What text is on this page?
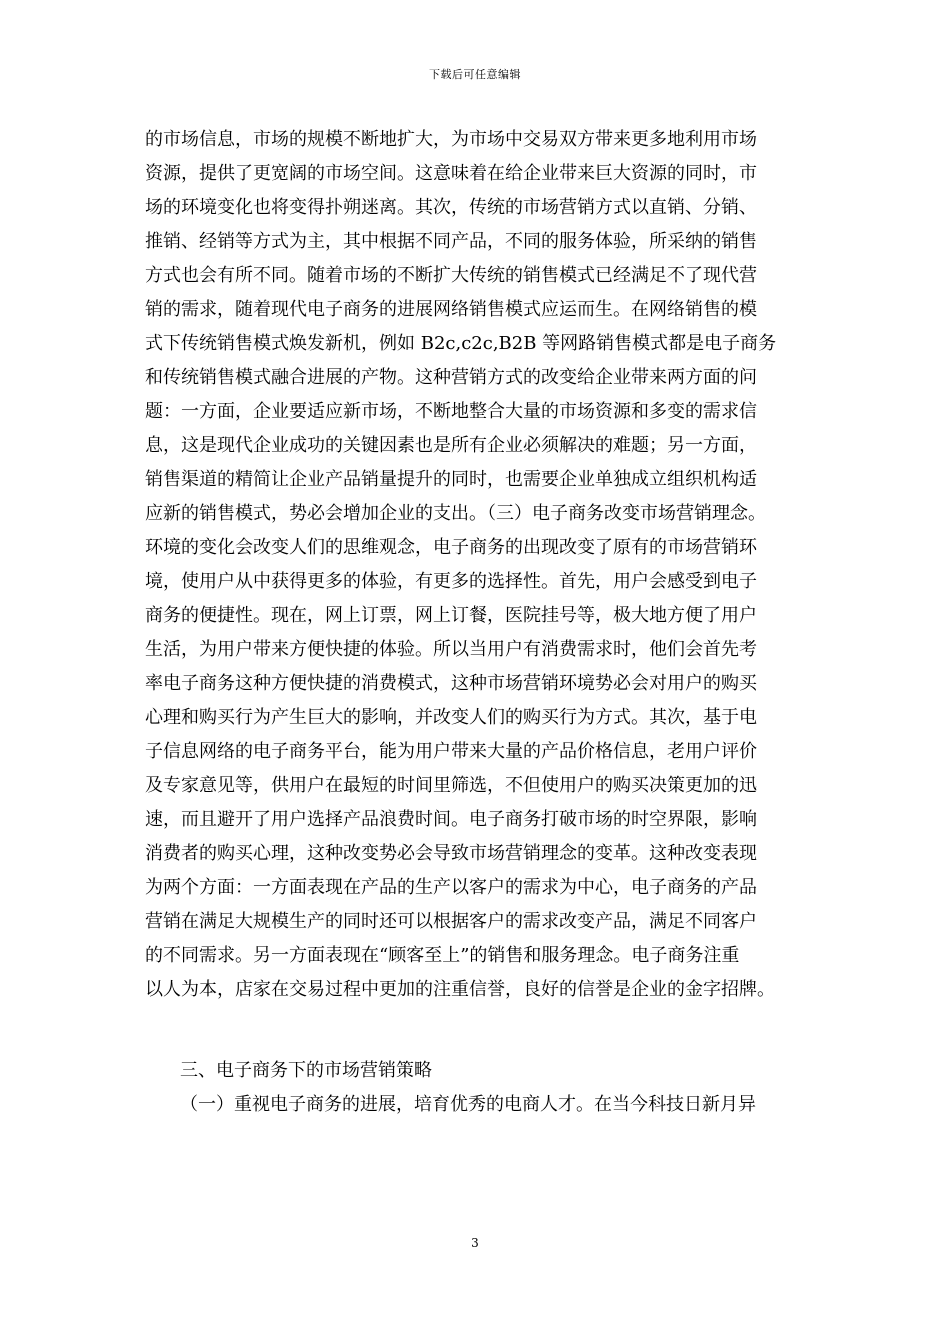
下载后可任意编辑
的市场信息，市场的规模不断地扩大，为市场中交易双方带来更多地利用市场
资源，提供了更宽阔的市场空间。这意味着在给企业带来巨大资源的同时，市
场的环境变化也将变得扑朔迷离。其次，传统的市场营销方式以直销、分销、
推销、经销等方式为主，其中根据不同产品，不同的服务体验，所采纳的销售
方式也会有所不同。随着市场的不断扩大传统的销售模式已经满足不了现代营
销的需求，随着现代电子商务的进展网络销售模式应运而生。在网络销售的模
式下传统销售模式焕发新机，例如 B2c,c2c,B2B 等网路销售模式都是电子商务
和传统销售模式融合进展的产物。这种营销方式的改变给企业带来两方面的问
题：一方面，企业要适应新市场，不断地整合大量的市场资源和多变的需求信
息，这是现代企业成功的关键因素也是所有企业必须解决的难题；另一方面，
销售渠道的精简让企业产品销量提升的同时，也需要企业单独成立组织机构适
应新的销售模式，势必会增加企业的支出。（三）电子商务改变市场营销理念。
环境的变化会改变人们的思维观念，电子商务的出现改变了原有的市场营销环
境，使用户从中获得更多的体验，有更多的选择性。首先，用户会感受到电子
商务的便捷性。现在，网上订票，网上订餐，医院挂号等，极大地方便了用户
生活，为用户带来方便快捷的体验。所以当用户有消费需求时，他们会首先考
率电子商务这种方便快捷的消费模式，这种市场营销环境势必会对用户的购买
心理和购买行为产生巨大的影响，并改变人们的购买行为方式。其次，基于电
子信息网络的电子商务平台，能为用户带来大量的产品价格信息，老用户评价
及专家意见等，供用户在最短的时间里筛选，不但使用户的购买决策更加的迅
速，而且避开了用户选择产品浪费时间。电子商务打破市场的时空界限，影响
消费者的购买心理，这种改变势必会导致市场营销理念的变革。这种改变表现
为两个方面：一方面表现在产品的生产以客户的需求为中心，电子商务的产品
营销在满足大规模生产的同时还可以根据客户的需求改变产品，满足不同客户
的不同需求。另一方面表现在“顾客至上”的销售和服务理念。电子商务注重
以人为本，店家在交易过程中更加的注重信誉，良好的信誉是企业的金字招牌。
三、电子商务下的市场营销策略
（一）重视电子商务的进展，培育优秀的电商人才。在当今科技日新月异
3
